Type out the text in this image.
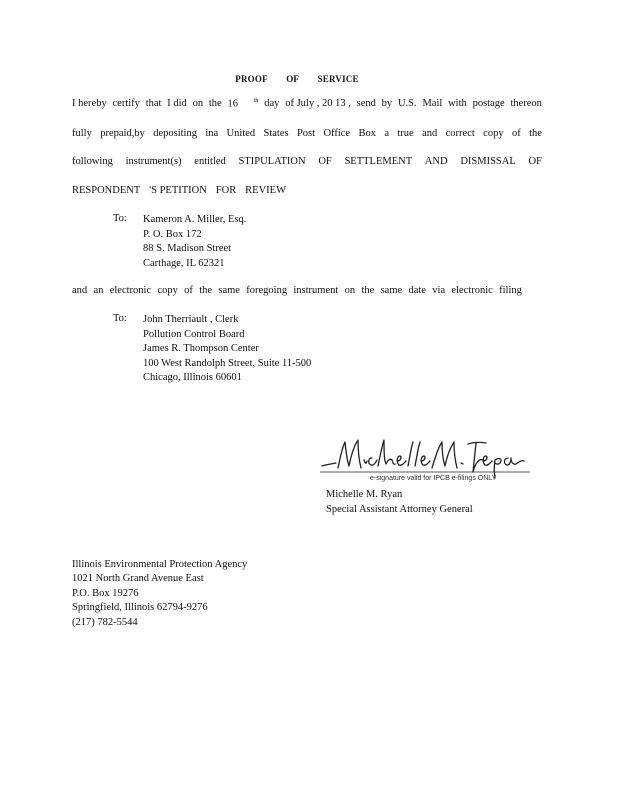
PROOF OF SERVICE
I hereby certify that I did on the 16	$^{th}$ day of July , 20 13 , send by U.S. Mail with postage thereon
fully prepaid,by depositing ina United States Post Office Box a true and correct copy of the
following instrument(s) entitled STIPULATION OF SETTLEMENT AND DISMISSAL OF
RESPONDENT 'S PETITION FOR REVIEW
To: Kameron A. Miller, Esq.
P. O. Box 172
88 S. Madison Street
Carthage, IL 62321
and an electronic copy of the same foregoing instrument on the same date via electronic filing
To: John Therriault , Clerk
Pollution Control Board
James R. Thompson Center
100 West Randolph Street, Suite 11-500
Chicago, Illinois 60601
e-signature valid for IPCB e-filings ONLY
Michelle M. Ryan
Special Assistant Attorney General
Illinois Environmental Protection Agency
1021 North Grand Avenue East
P.O. Box 19276
Springfield, Illinois 62794-9276
(217) 782-5544
